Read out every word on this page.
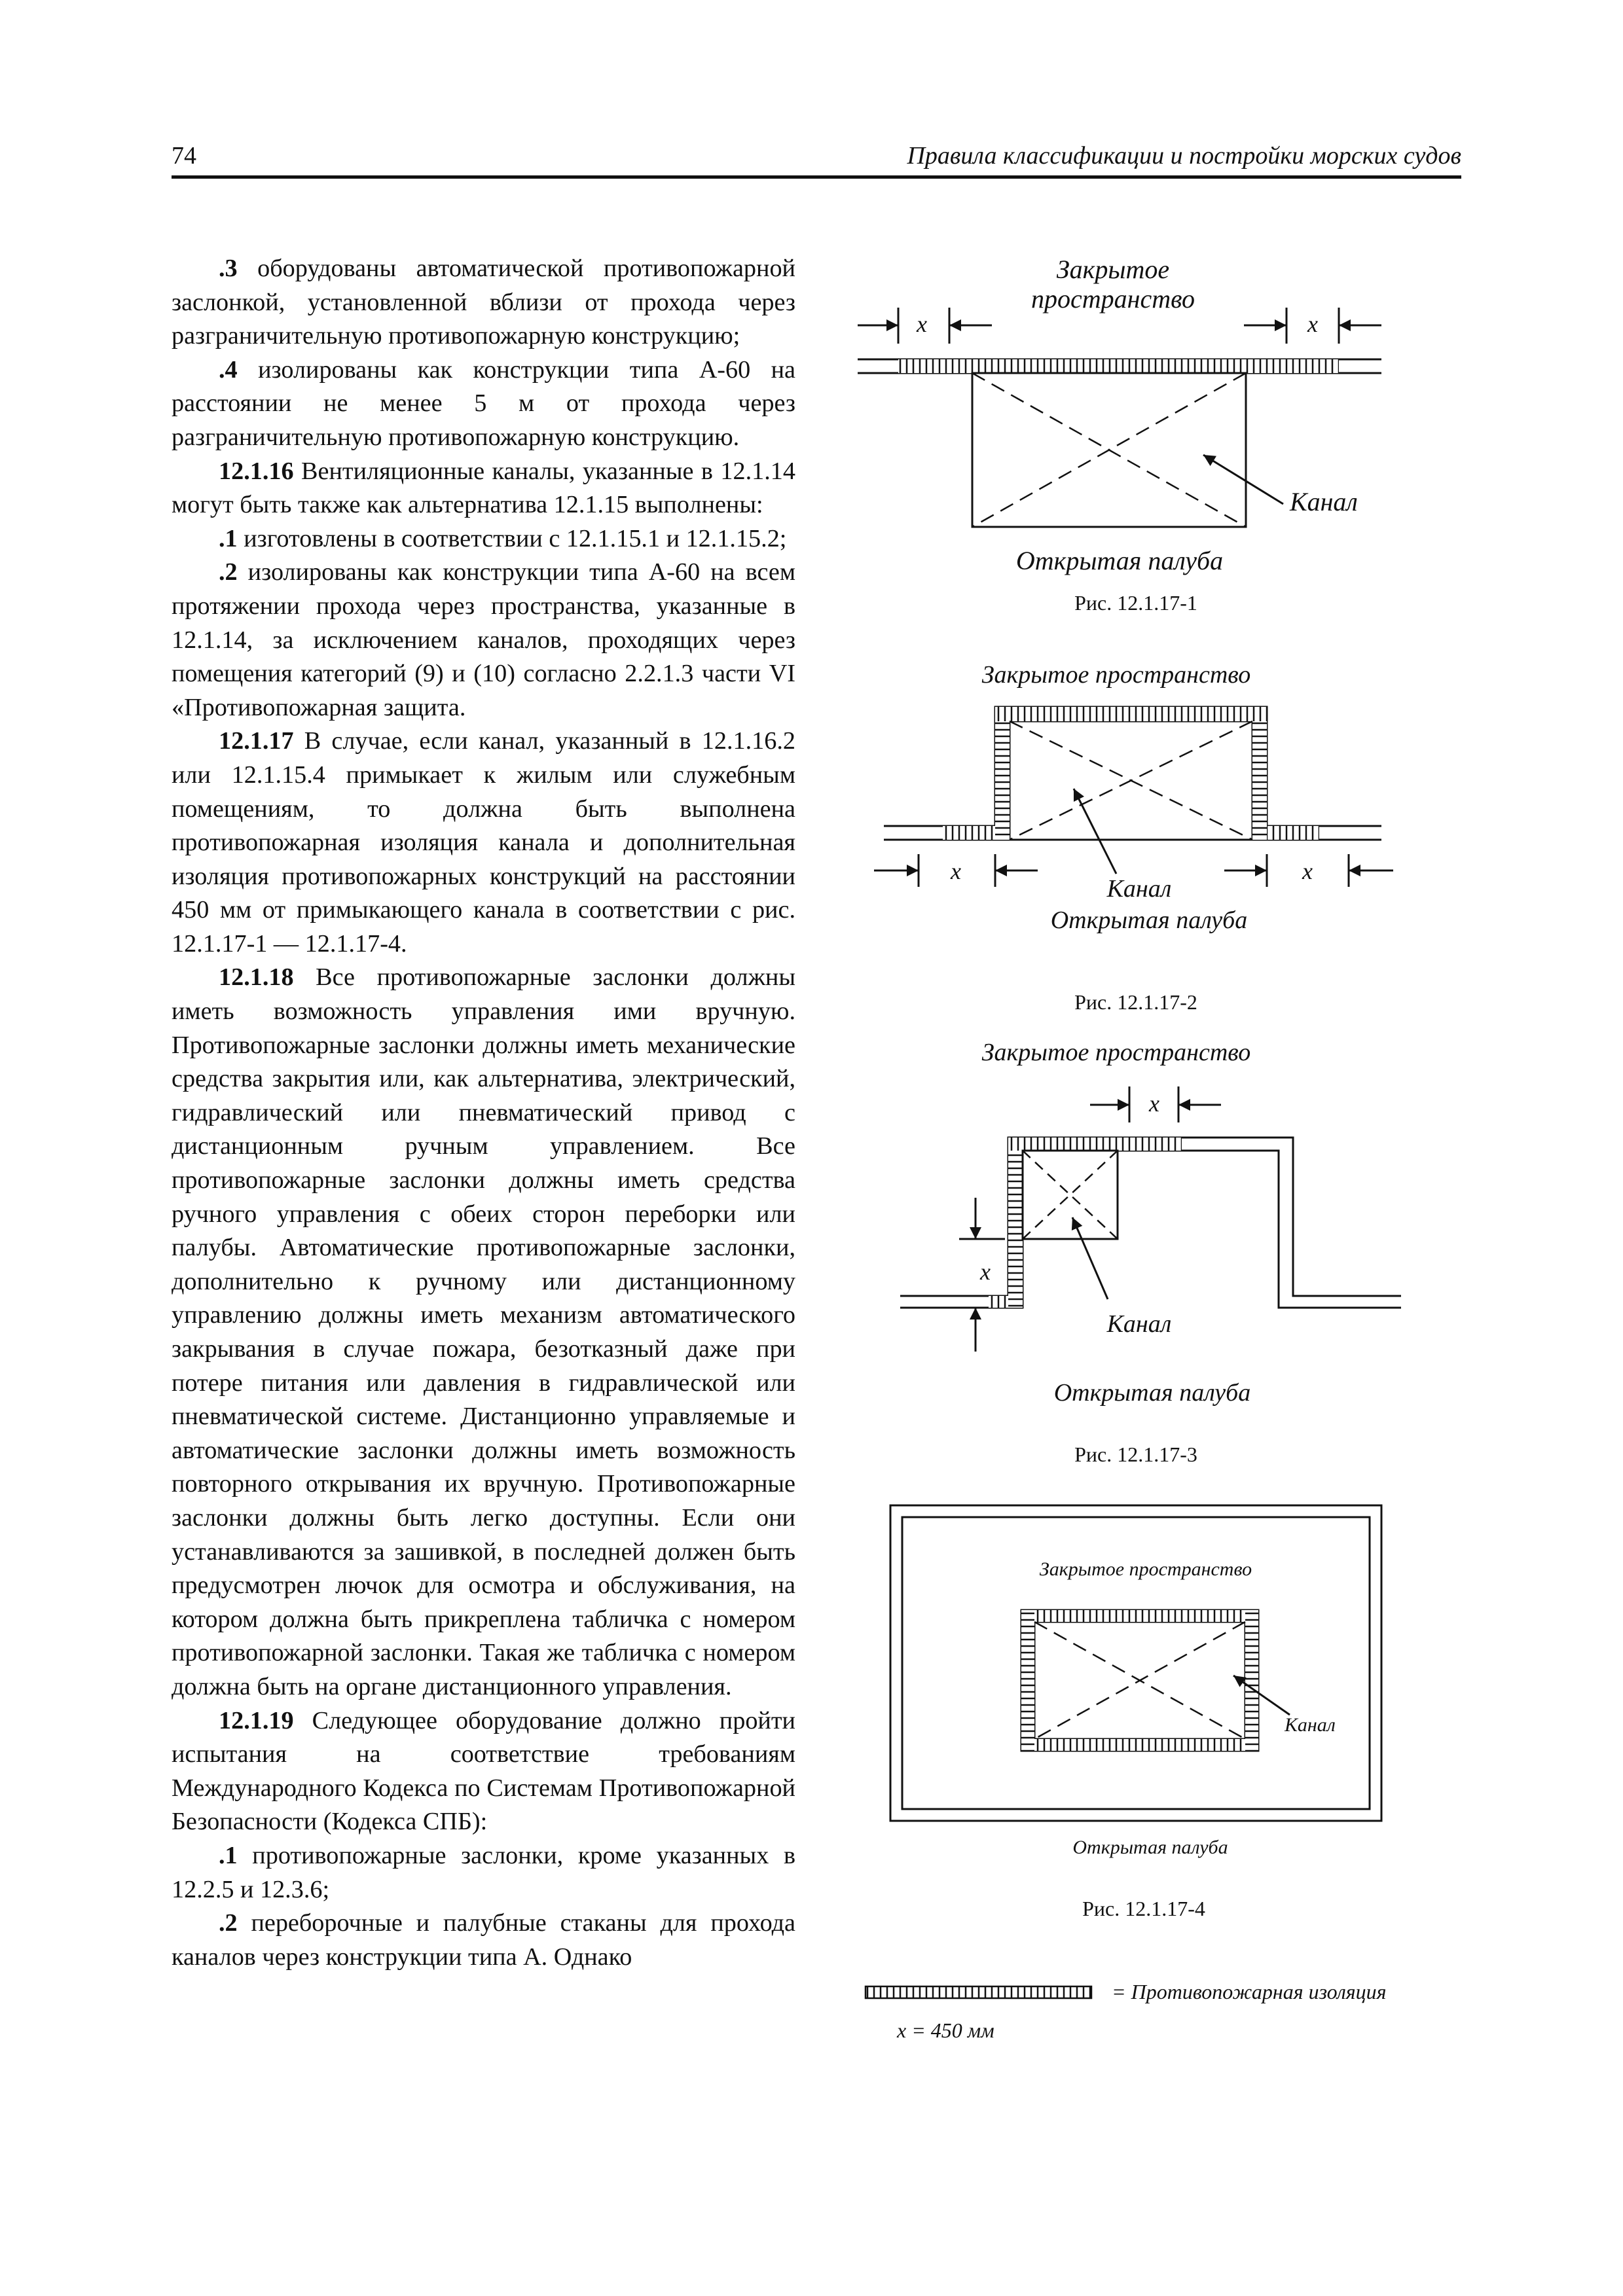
74	Правила классификации и постройки морских судов

.3 оборудованы автоматической противопожарной заслонкой, установленной вблизи от прохода через разграничительную противопожарную конструкцию;

.4 изолированы как конструкции типа А-60 на расстоянии не менее 5 м от прохода через разграничительную противопожарную конструкцию.

12.1.16 Вентиляционные каналы, указанные в 12.1.14 могут быть также как альтернатива 12.1.15 выполнены:

.1 изготовлены в соответствии с 12.1.15.1 и 12.1.15.2;

.2 изолированы как конструкции типа А-60 на всем протяжении прохода через пространства, указанные в 12.1.14, за исключением каналов, проходящих через помещения категорий (9) и (10) согласно 2.2.1.3 части VI «Противопожарная защита.

12.1.17 В случае, если канал, указанный в 12.1.16.2 или 12.1.15.4 примыкает к жилым или служебным помещениям, то должна быть выполнена противопожарная изоляция канала и дополнительная изоляция противопожарных конструкций на расстоянии 450 мм от примыкающего канала в соответствии с рис. 12.1.17-1 — 12.1.17-4.

12.1.18 Все противопожарные заслонки должны иметь возможность управления ими вручную. Противопожарные заслонки должны иметь механические средства закрытия или, как альтернатива, электрический, гидравлический или пневматический привод с дистанционным ручным управлением. Все противопожарные заслонки должны иметь средства ручного управления с обеих сторон переборки или палубы. Автоматические противопожарные заслонки, дополнительно к ручному или дистанционному управлению должны иметь механизм автоматического закрывания в случае пожара, безотказный даже при потере питания или давления в гидравлической или пневматической системе. Дистанционно управляемые и автоматические заслонки должны иметь возможность повторного открывания их вручную. Противопожарные заслонки должны быть легко доступны. Если они устанавливаются за зашивкой, в последней должен быть предусмотрен лючок для осмотра и обслуживания, на котором должна быть прикреплена табличка с номером противопожарной заслонки. Такая же табличка с номером должна быть на органе дистанционного управления.

12.1.19 Следующее оборудование должно пройти испытания на соответствие требованиям Международного Кодекса по Системам Противопожарной Безопасности (Кодекса СПБ):

.1 противопожарные заслонки, кроме указанных в 12.2.5 и 12.3.6;

.2 переборочные и палубные стаканы для прохода каналов через конструкции типа А. Однако

Закрытое
пространство
x	x
Канал
Открытая палуба
Рис. 12.1.17-1
Закрытое пространство
x	x
Канал
Открытая палуба
Рис. 12.1.17-2
Закрытое пространство
x
x
Канал
Открытая палуба
Рис. 12.1.17-3
Закрытое пространство
Канал
Открытая палуба
Рис. 12.1.17-4
= Противопожарная изоляция
x = 450 мм
